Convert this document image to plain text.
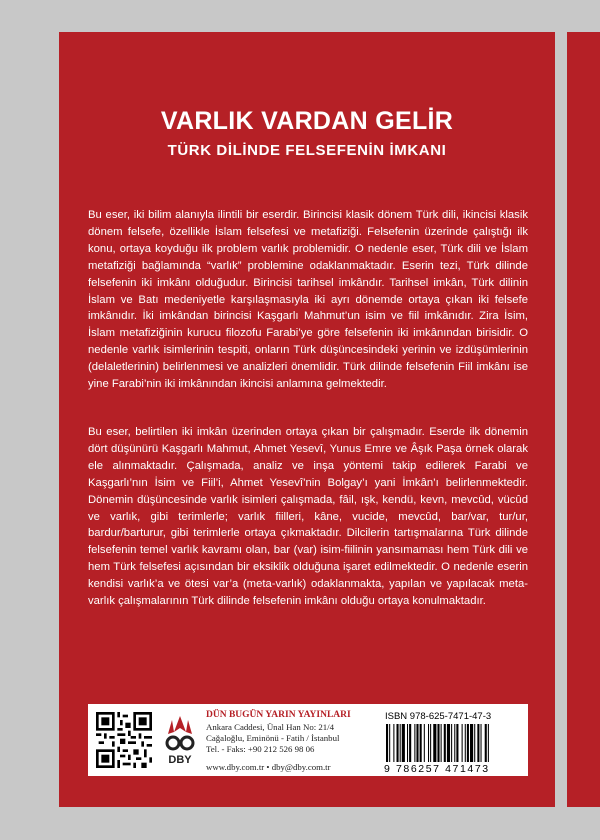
VARLIK VARDAN GELİR
TÜRK DİLİNDE FELSEFENİN İMKANI

Bu eser, iki bilim alanıyla ilintili bir eserdir. Birincisi klasik dönem Türk dili, ikincisi klasik dönem felsefe, özellikle İslam felsefesi ve metafiziği. Felsefenin üzerinde çalıştığı ilk konu, ortaya koyduğu ilk problem varlık problemidir. O nedenle eser, Türk dili ve İslam metafiziği bağlamında “varlık” problemine odaklanmaktadır. Eserin tezi, Türk dilinde felsefenin iki imkânı olduğudur. Birincisi tarihsel imkândır. Tarihsel imkân, Türk dilinin İslam ve Batı medeniyetle karşılaşmasıyla iki ayrı dönemde ortaya çıkan iki felsefe imkânıdır. İki imkândan birincisi Kaşgarlı Mahmut’un isim ve fiil imkânıdır. Zira İsim, İslam metafiziğinin kurucu filozofu Farabi’ye göre felsefenin iki imkânından birisidir. O nedenle varlık isimlerinin tespiti, onların Türk düşüncesindeki yerinin ve izdüşümlerinin (delaletlerinin) belirlenmesi ve analizleri önemlidir. Türk dilinde felsefenin Fiil imkânı ise yine Farabi’nin iki imkânından ikincisi anlamına gelmektedir.

Bu eser, belirtilen iki imkân üzerinden ortaya çıkan bir çalışmadır. Eserde ilk dönemin dört düşünürü Kaşgarlı Mahmut, Ahmet Yesevî, Yunus Emre ve Âşık Paşa örnek olarak ele alınmaktadır. Çalışmada, analiz ve inşa yöntemi takip edilerek Farabi ve Kaşgarlı’nın İsim ve Fiil’i, Ahmet Yesevî’nin Bolgay’ı yani İmkân’ı belirlenmektedir. Dönemin düşüncesinde varlık isimleri çalışmada, fâil, ışk, kendü, kevn, mevcûd, vücûd ve varlık, gibi terimlerle; varlık fiilleri, kâne, vucide, mevcûd, bar/var, tur/ur, bardur/barturur, gibi terimlerle ortaya çıkmaktadır. Dilcilerin tartışmalarına Türk dilinde felsefenin temel varlık kavramı olan, bar (var) isim-fiilinin yansımaması hem Türk dili ve hem Türk felsefesi açısından bir eksiklik olduğuna işaret edilmektedir. O nedenle eserin kendisi varlık’a ve ötesi var’a (meta-varlık) odaklanmakta, yapılan ve yapılacak meta-varlık çalışmalarının Türk dilinde felsefenin imkânı olduğu ortaya konulmaktadır.

DBY

DÜN BUGÜN YARIN YAYINLARI

Ankara Caddesi, Ünal Han No: 21/4

Cağaloğlu, Eminönü - Fatih / İstanbul

Tel. - Faks: +90 212 526 98 06

www.dby.com.tr • dby@dby.com.tr

ISBN 978-625-7471-47-3

9 786257 471473
